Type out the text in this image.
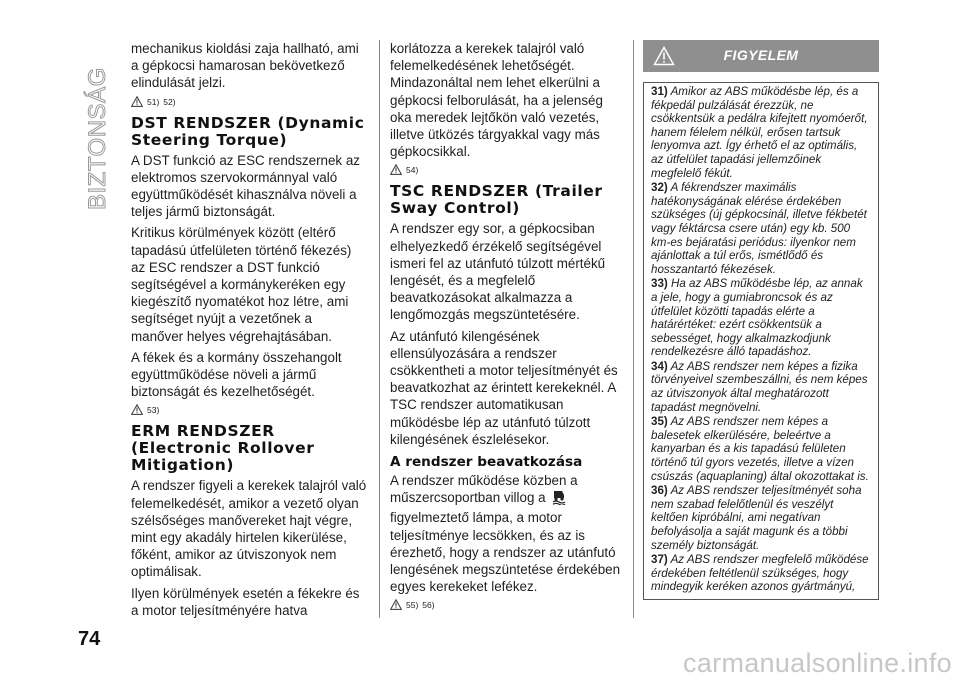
BIZTONSÁG
74

mechanikus kioldási zaja hallható, ami a gépkocsi hamarosan bekövetkező elindulását jelzi.

51) 52)
DST RENDSZER (Dynamic Steering Torque)

A DST funkció az ESC rendszernek az elektromos szervokormánnyal való együttműködését kihasználva növeli a teljes jármű biztonságát.

Kritikus körülmények között (eltérő tapadású útfelületen történő fékezés) az ESC rendszer a DST funkció segítségével a kormánykeréken egy kiegészítő nyomatékot hoz létre, ami segítséget nyújt a vezetőnek a manőver helyes végrehajtásában.

A fékek és a kormány összehangolt együttműködése növeli a jármű biztonságát és kezelhetőségét.

53)
ERM RENDSZER (Electronic Rollover Mitigation)

A rendszer figyeli a kerekek talajról való felemelkedését, amikor a vezető olyan szélsőséges manővereket hajt végre, mint egy akadály hirtelen kikerülése, főként, amikor az útviszonyok nem optimálisak.

Ilyen körülmények esetén a fékekre és a motor teljesítményére hatva

korlátozza a kerekek talajról való felemelkedésének lehetőségét. Mindazonáltal nem lehet elkerülni a gépkocsi felborulását, ha a jelenség oka meredek lejtőkön való vezetés, illetve ütközés tárgyakkal vagy más gépkocsikkal.

54)
TSC RENDSZER (Trailer Sway Control)

A rendszer egy sor, a gépkocsiban elhelyezkedő érzékelő segítségével ismeri fel az utánfutó túlzott mértékű lengését, és a megfelelő beavatkozásokat alkalmazza a lengőmozgás megszüntetésére.

Az utánfutó kilengésének ellensúlyozására a rendszer csökkentheti a motor teljesítményét és beavatkozhat az érintett kerekeknél. A TSC rendszer automatikusan működésbe lép az utánfutó túlzott kilengésének észlelésekor.

A rendszer beavatkozása

A rendszer működése közben a műszercsoportban villog a  figyelmeztető lámpa, a motor teljesítménye lecsökken, és az is érezhető, hogy a rendszer az utánfutó lengésének megszüntetése érdekében egyes kerekeket lefékez.

55) 56)
FIGYELEM

31) Amikor az ABS működésbe lép, és a fékpedál pulzálását érezzük, ne csökkentsük a pedálra kifejtett nyomóerőt, hanem félelem nélkül, erősen tartsuk lenyomva azt. Így érhető el az optimális, az útfelület tapadási jellemzőinek megfelelő fékút.

32) A fékrendszer maximális hatékonyságának elérése érdekében szükséges (új gépkocsinál, illetve fékbetét vagy féktárcsa csere után) egy kb. 500 km-es bejáratási periódus: ilyenkor nem ajánlottak a túl erős, ismétlődő és hosszantartó fékezések.

33) Ha az ABS működésbe lép, az annak a jele, hogy a gumiabroncsok és az útfelület közötti tapadás elérte a határértéket: ezért csökkentsük a sebességet, hogy alkalmazkodjunk rendelkezésre álló tapadáshoz.

34) Az ABS rendszer nem képes a fizika törvényeivel szembeszállni, és nem képes az útviszonyok által meghatározott tapadást megnövelni.

35) Az ABS rendszer nem képes a balesetek elkerülésére, beleértve a kanyarban és a kis tapadású felületen történő túl gyors vezetés, illetve a vízen csúszás (aquaplaning) által okozottakat is.

36) Az ABS rendszer teljesítményét soha nem szabad felelőtlenül és veszélyt keltően kipróbálni, ami negatívan befolyásolja a saját magunk és a többi személy biztonságát.

37) Az ABS rendszer megfelelő működése érdekében feltétlenül szükséges, hogy mindegyik keréken azonos gyártmányú,

carmanualsonline.info
